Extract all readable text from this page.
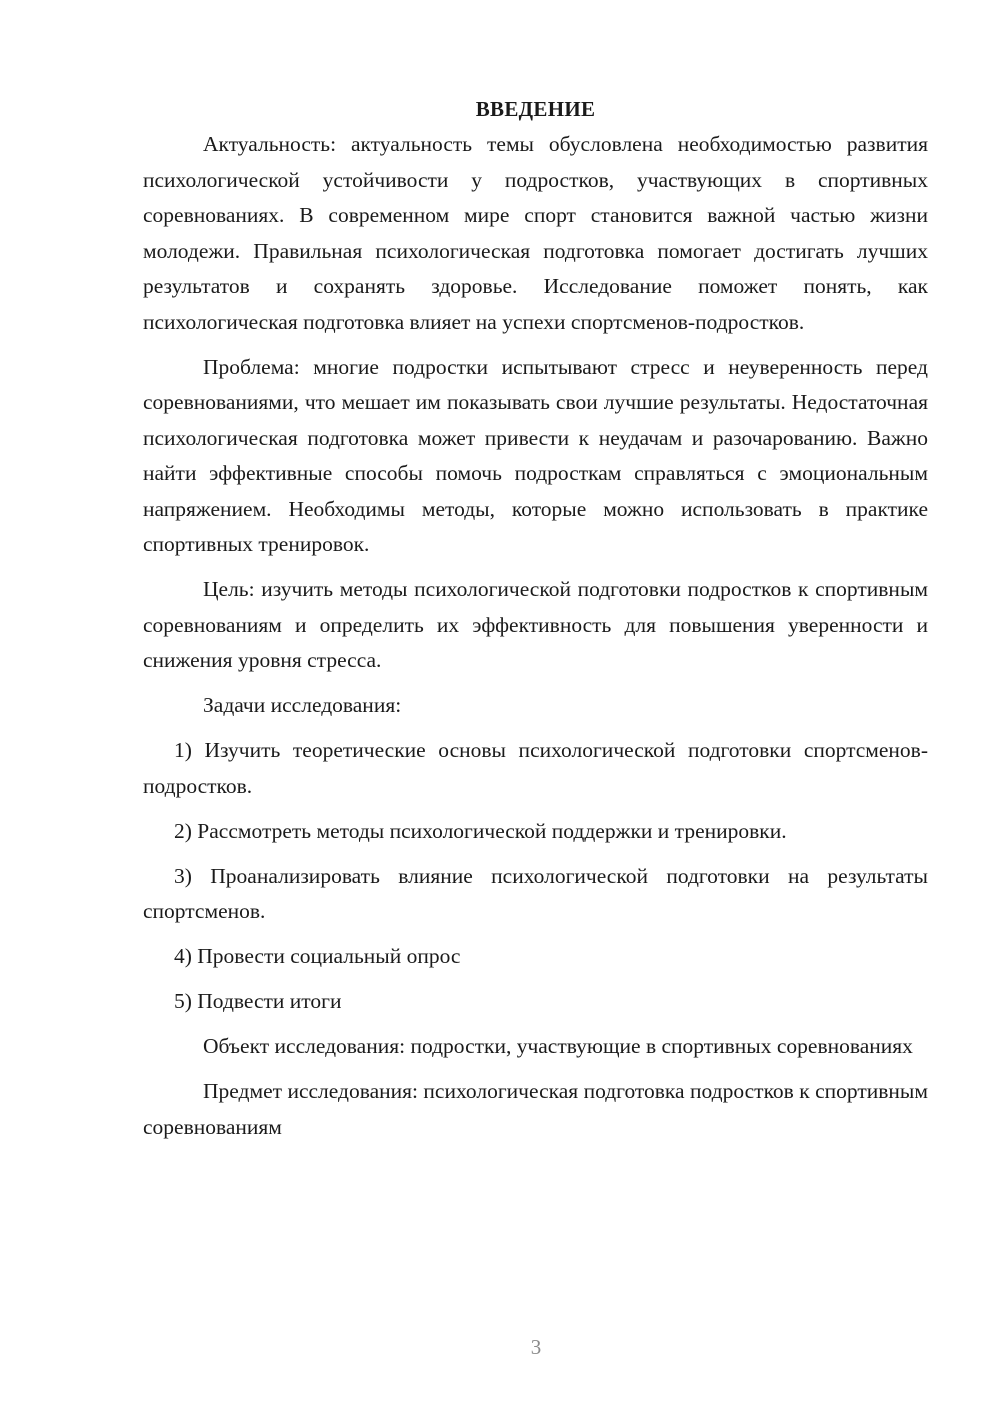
ВВЕДЕНИЕ

Актуальность: актуальность темы обусловлена необходимостью развития психологической устойчивости у подростков, участвующих в спортивных соревнованиях. В современном мире спорт становится важной частью жизни молодежи. Правильная психологическая подготовка помогает достигать лучших результатов и сохранять здоровье. Исследование поможет понять, как психологическая подготовка влияет на успехи спортсменов-подростков.

Проблема: многие подростки испытывают стресс и неуверенность перед соревнованиями, что мешает им показывать свои лучшие результаты. Недостаточная психологическая подготовка может привести к неудачам и разочарованию. Важно найти эффективные способы помочь подросткам справляться с эмоциональным напряжением. Необходимы методы, которые можно использовать в практике спортивных тренировок.

Цель: изучить методы психологической подготовки подростков к спортивным соревнованиям и определить их эффективность для повышения уверенности и снижения уровня стресса.

Задачи исследования:

1) Изучить теоретические основы психологической подготовки спортсменов-подростков.

2) Рассмотреть методы психологической поддержки и тренировки.

3) Проанализировать влияние психологической подготовки на результаты спортсменов.

4) Провести социальный опрос

5) Подвести итоги

Объект исследования: подростки, участвующие в спортивных соревнованиях

Предмет исследования: психологическая подготовка подростков к спортивным соревнованиям

3
